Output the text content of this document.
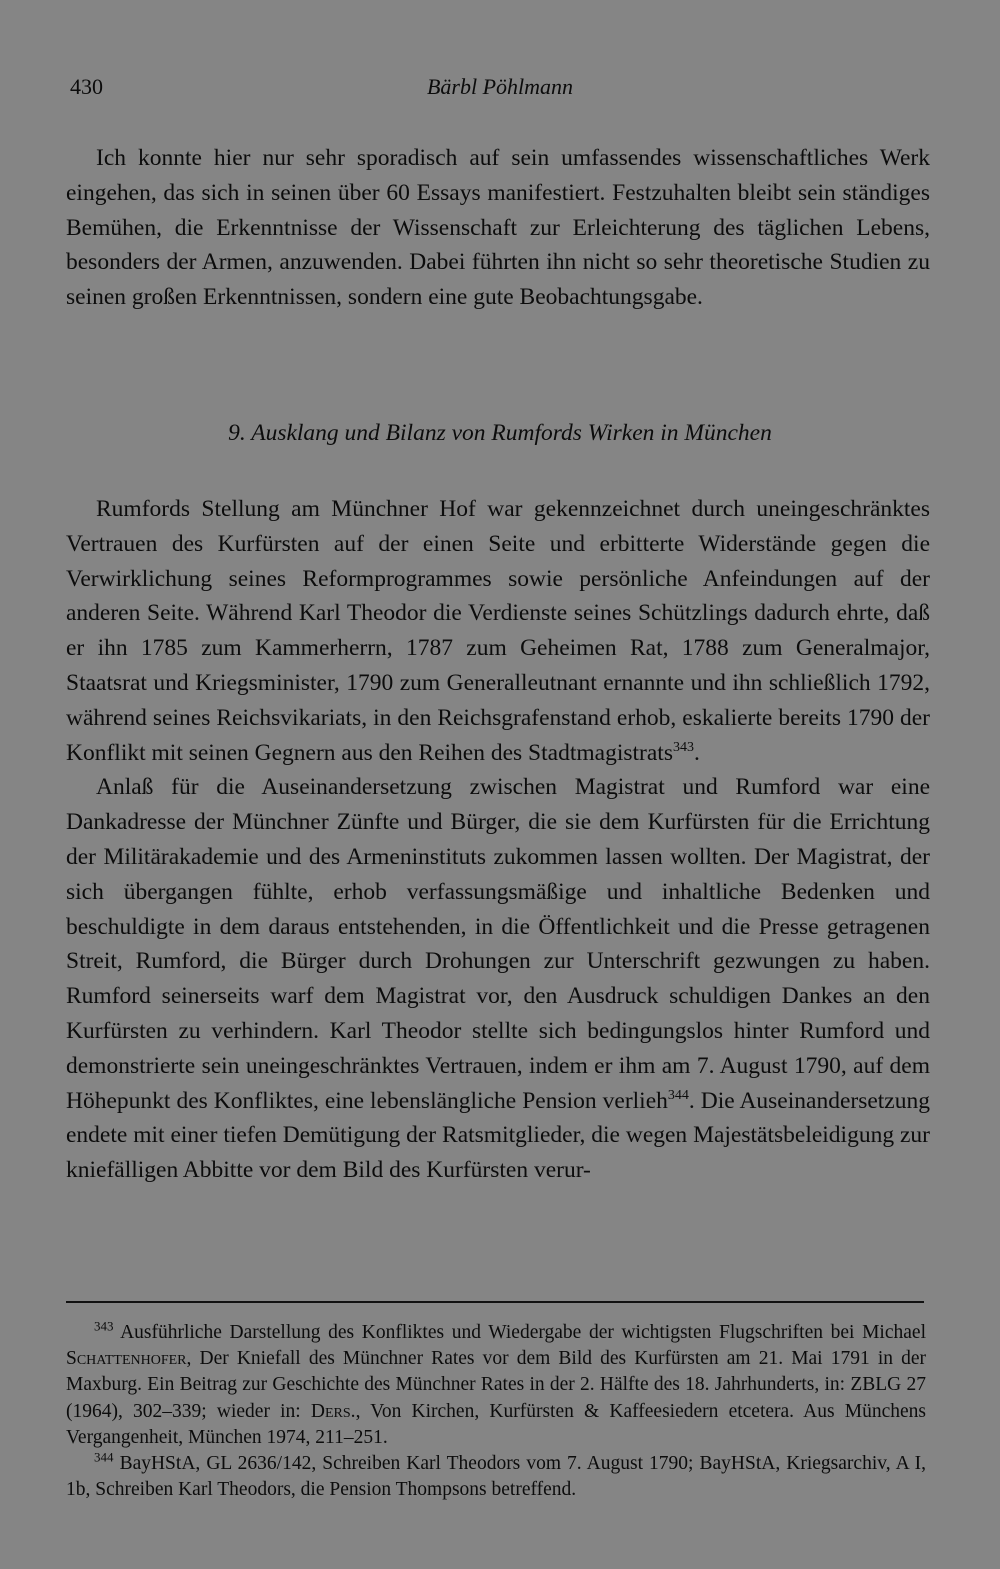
430	Bärbl Pöhlmann

Ich konnte hier nur sehr sporadisch auf sein umfassendes wissenschaftliches Werk eingehen, das sich in seinen über 60 Essays manifestiert. Festzuhalten bleibt sein ständiges Bemühen, die Erkenntnisse der Wissenschaft zur Erleichterung des täglichen Lebens, besonders der Armen, anzuwenden. Dabei führten ihn nicht so sehr theoretische Studien zu seinen großen Erkenntnissen, sondern eine gute Beobachtungsgabe.

9. Ausklang und Bilanz von Rumfords Wirken in München

Rumfords Stellung am Münchner Hof war gekennzeichnet durch uneingeschränktes Vertrauen des Kurfürsten auf der einen Seite und erbitterte Widerstände gegen die Verwirklichung seines Reformprogrammes sowie persönliche Anfeindungen auf der anderen Seite. Während Karl Theodor die Verdienste seines Schützlings dadurch ehrte, daß er ihn 1785 zum Kammerherrn, 1787 zum Geheimen Rat, 1788 zum Generalmajor, Staatsrat und Kriegsminister, 1790 zum Generalleutnant ernannte und ihn schließlich 1792, während seines Reichsvikariats, in den Reichsgrafenstand erhob, eskalierte bereits 1790 der Konflikt mit seinen Gegnern aus den Reihen des Stadtmagistrats$^{343}$.

Anlaß für die Auseinandersetzung zwischen Magistrat und Rumford war eine Dankadresse der Münchner Zünfte und Bürger, die sie dem Kurfürsten für die Errichtung der Militärakademie und des Armeninstituts zukommen lassen wollten. Der Magistrat, der sich übergangen fühlte, erhob verfassungsmäßige und inhaltliche Bedenken und beschuldigte in dem daraus entstehenden, in die Öffentlichkeit und die Presse getragenen Streit, Rumford, die Bürger durch Drohungen zur Unterschrift gezwungen zu haben. Rumford seinerseits warf dem Magistrat vor, den Ausdruck schuldigen Dankes an den Kurfürsten zu verhindern. Karl Theodor stellte sich bedingungslos hinter Rumford und demonstrierte sein uneingeschränktes Vertrauen, indem er ihm am 7. August 1790, auf dem Höhepunkt des Konfliktes, eine lebenslängliche Pension verlieh$^{344}$. Die Auseinandersetzung endete mit einer tiefen Demütigung der Ratsmitglieder, die wegen Majestätsbeleidigung zur kniefälligen Abbitte vor dem Bild des Kurfürsten verur-

$^{343}$ Ausführliche Darstellung des Konfliktes und Wiedergabe der wichtigsten Flugschriften bei Michael Schattenhofer, Der Kniefall des Münchner Rates vor dem Bild des Kurfürsten am 21. Mai 1791 in der Maxburg. Ein Beitrag zur Geschichte des Münchner Rates in der 2. Hälfte des 18. Jahrhunderts, in: ZBLG 27 (1964), 302–339; wieder in: Ders., Von Kirchen, Kurfürsten & Kaffeesiedern etcetera. Aus Münchens Vergangenheit, München 1974, 211–251.

$^{344}$ BayHStA, GL 2636/142, Schreiben Karl Theodors vom 7. August 1790; BayHStA, Kriegsarchiv, A I, 1b, Schreiben Karl Theodors, die Pension Thompsons betreffend.
